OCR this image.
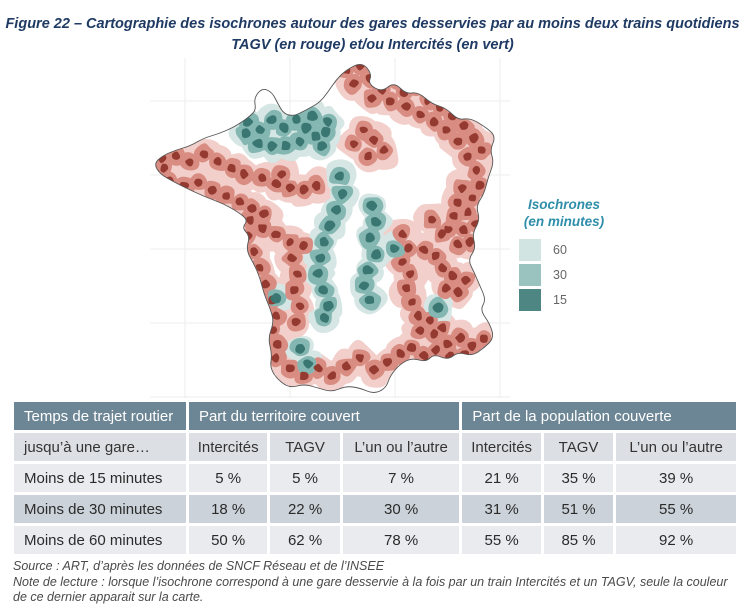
Figure 22 – Cartographie des isochrones autour des gares desservies par au moins deux trains quotidiens
TAGV (en rouge) et/ou Intercités (en vert)
Isochrones
(en minutes)
60
30
15
Temps de trajet routier	Part du territoire couvert			Part de la population couverte		
jusqu’à une gare…	Intercités	TAGV	L’un ou l’autre	Intercités	TAGV	L’un ou l’autre
Moins de 15 minutes	5 %	5 %	7 %	21 %	35 %	39 %
Moins de 30 minutes	18 %	22 %	30 %	31 %	51 %	55 %
Moins de 60 minutes	50 %	62 %	78 %	55 %	85 %	92 %

Source : ART, d’après les données de SNCF Réseau et de l’INSEE

Note de lecture : lorsque l’isochrone correspond à une gare desservie à la fois par un train Intercités et un TAGV, seule la couleur de ce dernier apparait sur la carte.
